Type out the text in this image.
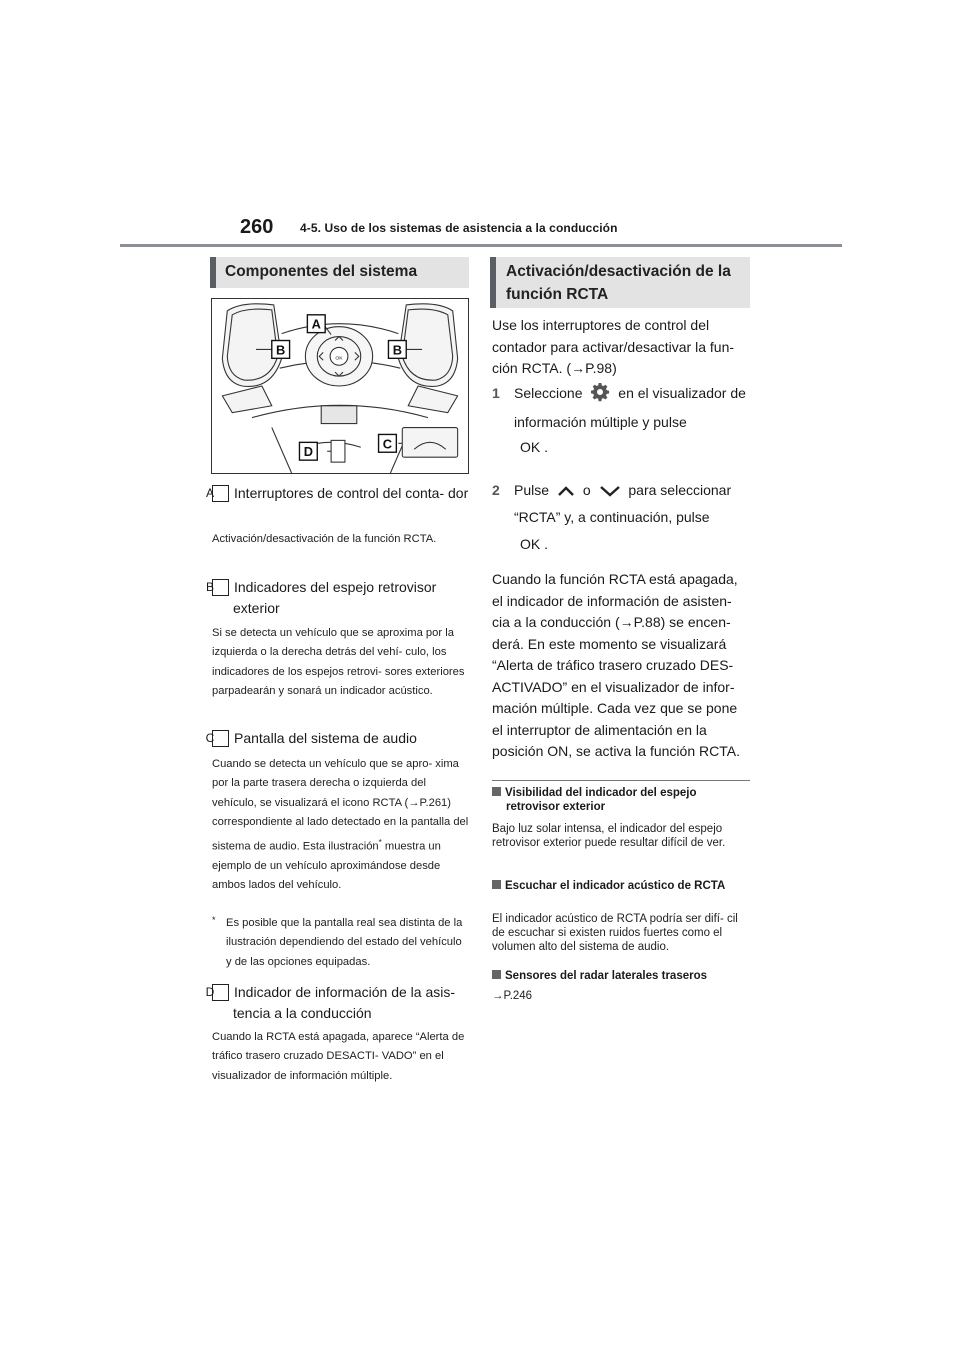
260 4-5. Uso de los sistemas de asistencia a la conducción
Componentes del sistema
A
B	B
C
D
OK
A Interruptores de control del conta- dor
Activación/desactivación de la función RCTA.
B Indicadores del espejo retrovisor exterior
Si se detecta un vehículo que se aproxima por la izquierda o la derecha detrás del vehí- culo, los indicadores de los espejos retrovi- sores exteriores parpadearán y sonará un indicador acústico.
C Pantalla del sistema de audio
Cuando se detecta un vehículo que se apro- xima por la parte trasera derecha o izquierda del vehículo, se visualizará el icono RCTA (→P.261) correspondiente al lado detectado en la pantalla del sistema de audio. Esta ilustración* muestra un ejemplo de un vehículo aproximándose desde ambos lados del vehículo.
* Es posible que la pantalla real sea distinta de la ilustración dependiendo del estado del vehículo y de las opciones equipadas.
D Indicador de información de la asis- tencia a la conducción
Cuando la RCTA está apagada, aparece “Alerta de tráfico trasero cruzado DESACTI- VADO” en el visualizador de información múltiple.
Activación/desactivación de la función RCTA
Use los interruptores de control del contador para activar/desactivar la fun- ción RCTA. (→P.98)
1 Seleccione	en el visualizador de información múltiple y pulse
OK .
2 Pulse o	para seleccionar “RCTA” y, a continuación, pulse
OK .
Cuando la función RCTA está apagada, el indicador de información de asisten- cia a la conducción (→P.88) se encen- derá. En este momento se visualizará “Alerta de tráfico trasero cruzado DES- ACTIVADO” en el visualizador de infor- mación múltiple. Cada vez que se pone el interruptor de alimentación en la posición ON, se activa la función RCTA.
Visibilidad del indicador del espejo retrovisor exterior
Bajo luz solar intensa, el indicador del espejo retrovisor exterior puede resultar difícil de ver.
Escuchar el indicador acústico de RCTA
El indicador acústico de RCTA podría ser difí- cil de escuchar si existen ruidos fuertes como el volumen alto del sistema de audio.
Sensores del radar laterales traseros
→P.246
